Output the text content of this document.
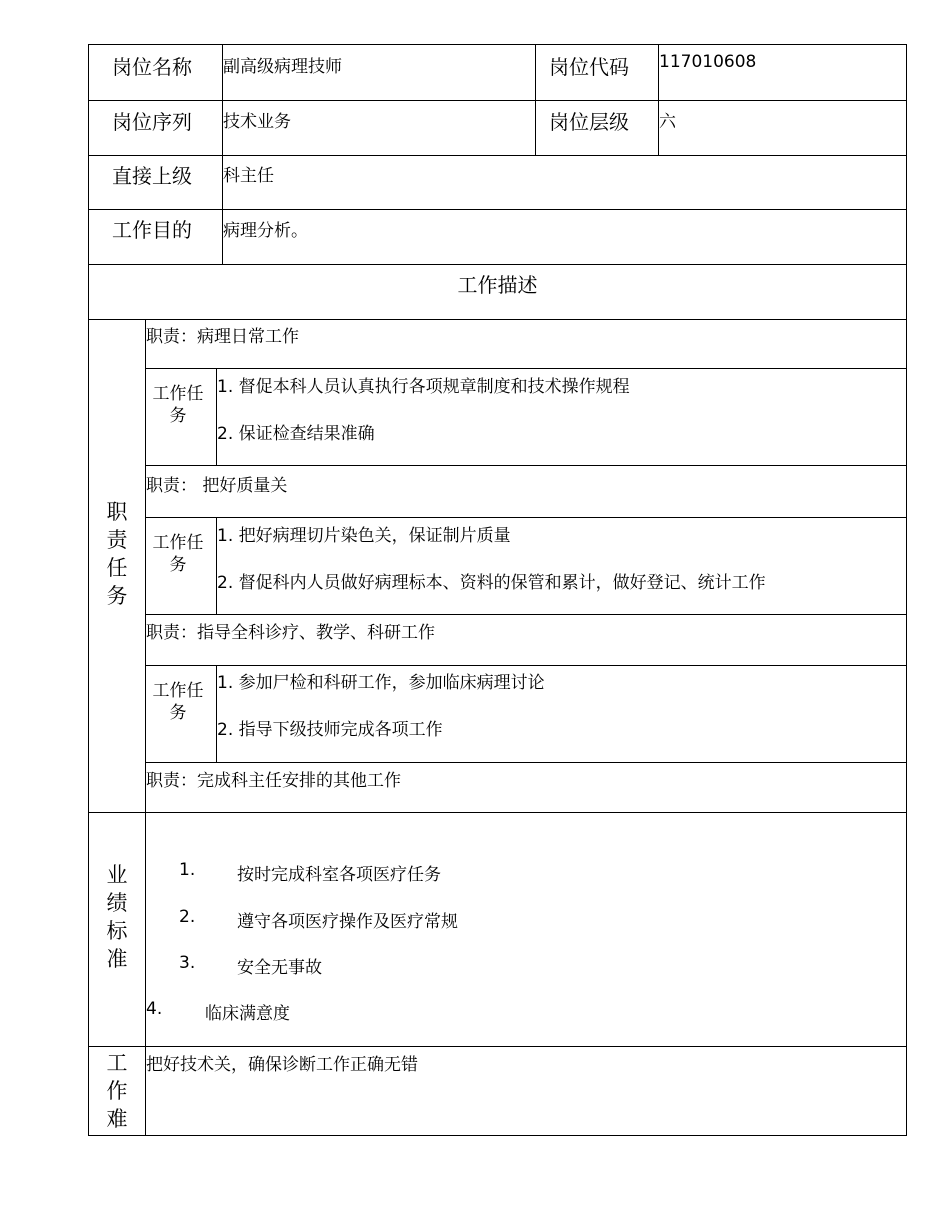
岗位名称 副高级病理技师	岗位代码 117010608
岗位序列 技术业务	岗位层级 六
直接上级 科主任
工作目的 病理分析。
工作描述
职责任务
职责：病理日常工作
工作任务
1. 督促本科人员认真执行各项规章制度和技术操作规程
2. 保证检查结果准确
职责： 把好质量关
工作任务
1. 把好病理切片染色关，保证制片质量
2. 督促科内人员做好病理标本、资料的保管和累计，做好登记、统计工作
职责：指导全科诊疗、教学、科研工作
工作任务
1. 参加尸检和科研工作，参加临床病理讨论
2. 指导下级技师完成各项工作
职责：完成科主任安排的其他工作
业绩标准
1. 按时完成科室各项医疗任务
2. 遵守各项医疗操作及医疗常规
3. 安全无事故
4.	临床满意度
工作难
把好技术关，确保诊断工作正确无错
